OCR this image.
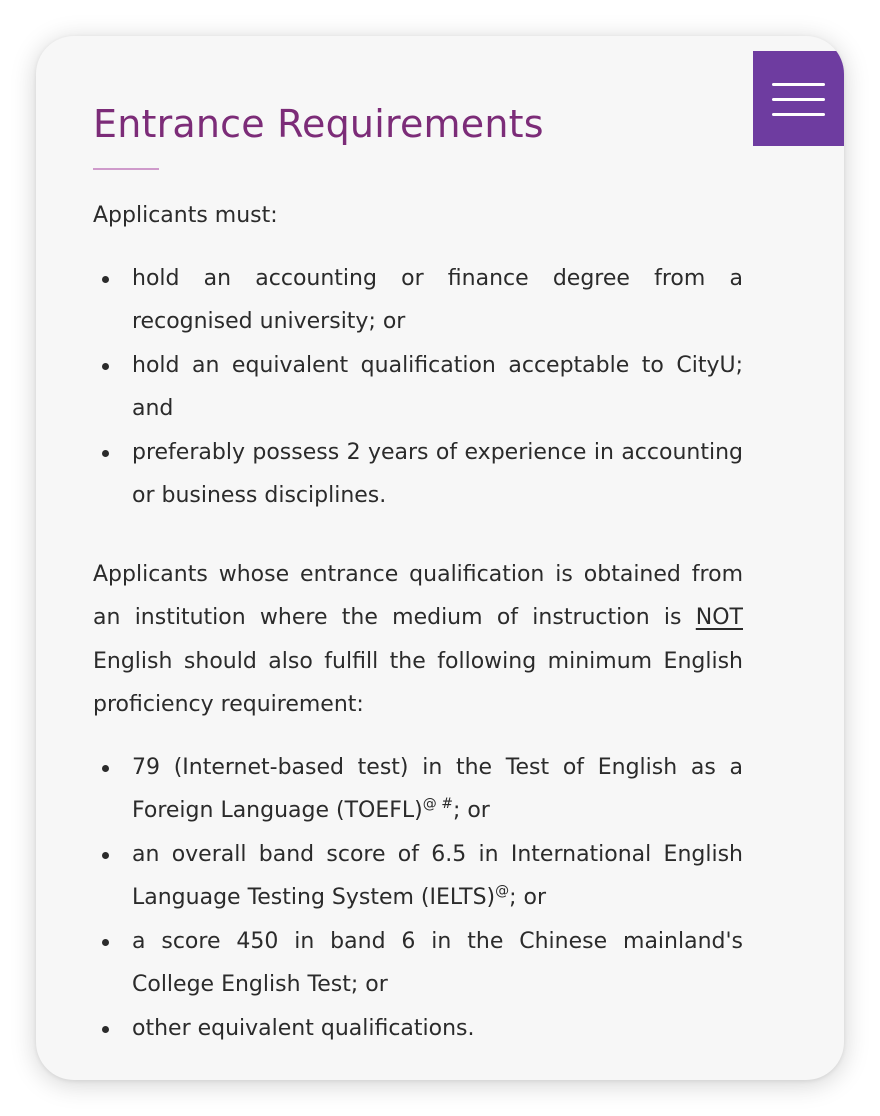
Entrance Requirements

Applicants must:

hold an accounting or finance degree from a recognised university; or
hold an equivalent qualification acceptable to CityU; and
preferably possess 2 years of experience in accounting or business disciplines.

Applicants whose entrance qualification is obtained from an institution where the medium of instruction is NOT English should also fulfill the following minimum English proficiency requirement:

79 (Internet-based test) in the Test of English as a Foreign Language (TOEFL)@ #; or
an overall band score of 6.5 in International English Language Testing System (IELTS)@; or
a score 450 in band 6 in the Chinese mainland's College English Test; or
other equivalent qualifications.
